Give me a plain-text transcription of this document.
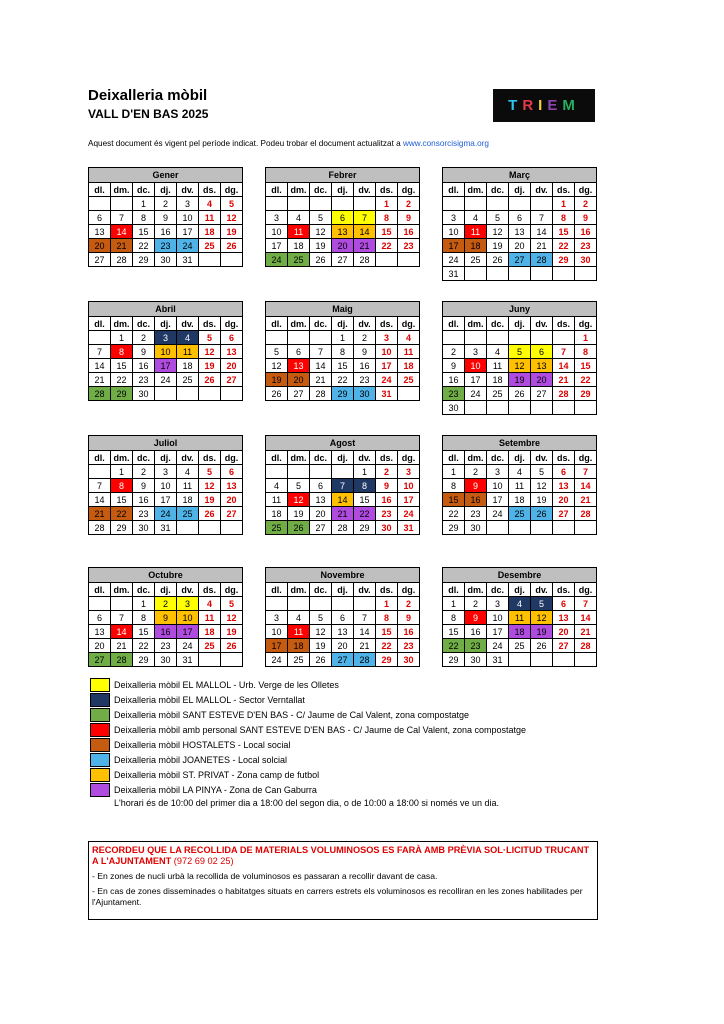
Deixalleria mòbil
VALL D'EN BAS 2025	T R I E M
Aquest document és vigent pel període indicat. Podeu trobar el document actualitzat a www.consorcisigma.org
Gener						
dl.	dm.	dc.	dj.	dv.	ds.	dg.
		1	2	3	4	5
6	7	8	9	10	11	12
13	14	15	16	17	18	19
20	21	22	23	24	25	26
27	28	29	30	31		
Febrer						
dl.	dm.	dc.	dj.	dv.	ds.	dg.
					1	2
3	4	5	6	7	8	9
10	11	12	13	14	15	16
17	18	19	20	21	22	23
24	25	26	27	28		
Març						
dl.	dm.	dc.	dj.	dv.	ds.	dg.
					1	2
3	4	5	6	7	8	9
10	11	12	13	14	15	16
17	18	19	20	21	22	23
24	25	26	27	28	29	30
31						
Abril						
dl.	dm.	dc.	dj.	dv.	ds.	dg.
	1	2	3	4	5	6
7	8	9	10	11	12	13
14	15	16	17	18	19	20
21	22	23	24	25	26	27
28	29	30				
Maig						
dl.	dm.	dc.	dj.	dv.	ds.	dg.
			1	2	3	4
5	6	7	8	9	10	11
12	13	14	15	16	17	18
19	20	21	22	23	24	25
26	27	28	29	30	31	
Juny						
dl.	dm.	dc.	dj.	dv.	ds.	dg.
						1
2	3	4	5	6	7	8
9	10	11	12	13	14	15
16	17	18	19	20	21	22
23	24	25	26	27	28	29
30						
Juliol						
dl.	dm.	dc.	dj.	dv.	ds.	dg.
	1	2	3	4	5	6
7	8	9	10	11	12	13
14	15	16	17	18	19	20
21	22	23	24	25	26	27
28	29	30	31			
Agost						
dl.	dm.	dc.	dj.	dv.	ds.	dg.
				1	2	3
4	5	6	7	8	9	10
11	12	13	14	15	16	17
18	19	20	21	22	23	24
25	26	27	28	29	30	31
Setembre						
dl.	dm.	dc.	dj.	dv.	ds.	dg.
1	2	3	4	5	6	7
8	9	10	11	12	13	14
15	16	17	18	19	20	21
22	23	24	25	26	27	28
29	30					
Octubre						
dl.	dm.	dc.	dj.	dv.	ds.	dg.
		1	2	3	4	5
6	7	8	9	10	11	12
13	14	15	16	17	18	19
20	21	22	23	24	25	26
27	28	29	30	31		
Novembre						
dl.	dm.	dc.	dj.	dv.	ds.	dg.
					1	2
3	4	5	6	7	8	9
10	11	12	13	14	15	16
17	18	19	20	21	22	23
24	25	26	27	28	29	30
Desembre						
dl.	dm.	dc.	dj.	dv.	ds.	dg.
1	2	3	4	5	6	7
8	9	10	11	12	13	14
15	16	17	18	19	20	21
22	23	24	25	26	27	28
29	30	31				
Deixalleria mòbil EL MALLOL - Urb. Verge de les Olletes
Deixalleria mòbil EL MALLOL - Sector Verntallat
Deixalleria mòbil SANT ESTEVE D'EN BAS - C/ Jaume de Cal Valent, zona compostatge
Deixalleria mòbil amb personal SANT ESTEVE D'EN BAS - C/ Jaume de Cal Valent, zona compostatge
Deixalleria mòbil HOSTALETS - Local social
Deixalleria mòbil JOANETES - Local solcial
Deixalleria mòbil ST. PRIVAT - Zona camp de futbol
Deixalleria mòbil LA PINYA - Zona de Can Gaburra
L'horari és de 10:00 del primer dia a 18:00 del segon dia, o de 10:00 a 18:00 si només ve un dia.
RECORDEU QUE LA RECOLLIDA DE MATERIALS VOLUMINOSOS ES FARÀ AMB PRÈVIA SOL·LICITUD TRUCANT A L'AJUNTAMENT (972 69 02 25)

- En zones de nucli urbà la recollida de voluminosos es passaran a recollir davant de casa.

- En cas de zones disseminades o habitatges situats en carrers estrets els voluminosos es recolliran en les zones habilitades per l'Ajuntament.
